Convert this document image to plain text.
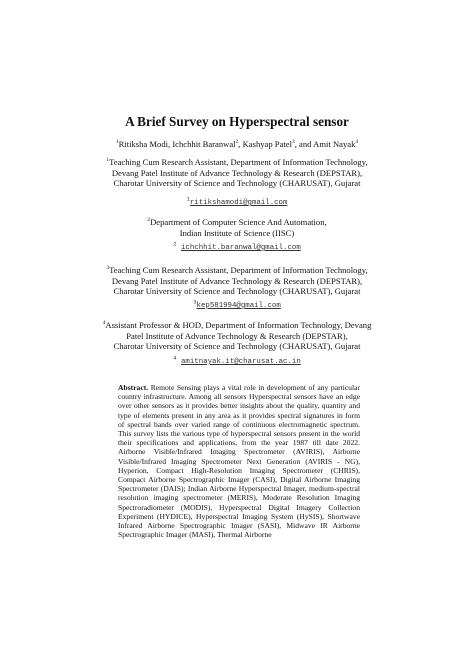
A Brief Survey on Hyperspectral sensor
$^1$Ritiksha Modi, Ichchhit Baranwal$^2$, Kashyap Patel$^3$, and Amit Nayak$^4$
$^1$Teaching Cum Research Assistant, Department of Information Technology,
Devang Patel Institute of Advance Technology & Research (DEPSTAR),
Charotar University of Science and Technology (CHARUSAT), Gujarat
$^1$ritikshamodi@gmail.com
$^2$Department of Computer Science And Automation,
Indian Institute of Science (IISC)
$^2$ ichchhit.baranwal@gmail.com
$^3$Teaching Cum Research Assistant, Department of Information Technology,
Devang Patel Institute of Advance Technology & Research (DEPSTAR),
Charotar University of Science and Technology (CHARUSAT), Gujarat
$^3$kep581994@gmail.com
$^4$Assistant Professor & HOD, Department of Information Technology, Devang
Patel Institute of Advance Technology & Research (DEPSTAR),
Charotar University of Science and Technology (CHARUSAT), Gujarat
$^4$ amitnayak.it@charusat.ac.in
Abstract. Remote Sensing plays a vital role in development of any particular country infrastructure. Among all sensors Hyperspectral sensors have an edge over other sensors as it provides better insights about the quality, quantity and type of elements present in any area as it provides spectral signatures in form of spectral bands over varied range of continuous electromagnetic spectrum. This survey lists the various type of hyperspectral sensors present in the world their specifications and applications, from the year 1987 till date 2022. Airborne Visible/Infrared Imaging Spectrometer (AVIRIS), Airborne Visible/Infrared Imaging Spectrometer Next Generation (AVIRIS - NG), Hyperion, Compact High-Resolution Imaging Spectrometer (CHRIS), Compact Airborne Spectrographic Imager (CASI), Digital Airborne Imaging Spectrometer (DAIS); Indian Airborne Hyperspectral Imager, medium-spectral resolution imaging spectrometer (MERIS), Moderate Resolution Imaging Spectroradiometer (MODIS), Hyperspectral Digital Imagery Collection Experiment (HYDICE), Hyperspectral Imaging System (HySIS), Shortwave Infrared Airborne Spectrographic Imager (SASI), Midwave IR Airborne Spectrographic Imager (MASI), Thermal Airborne
